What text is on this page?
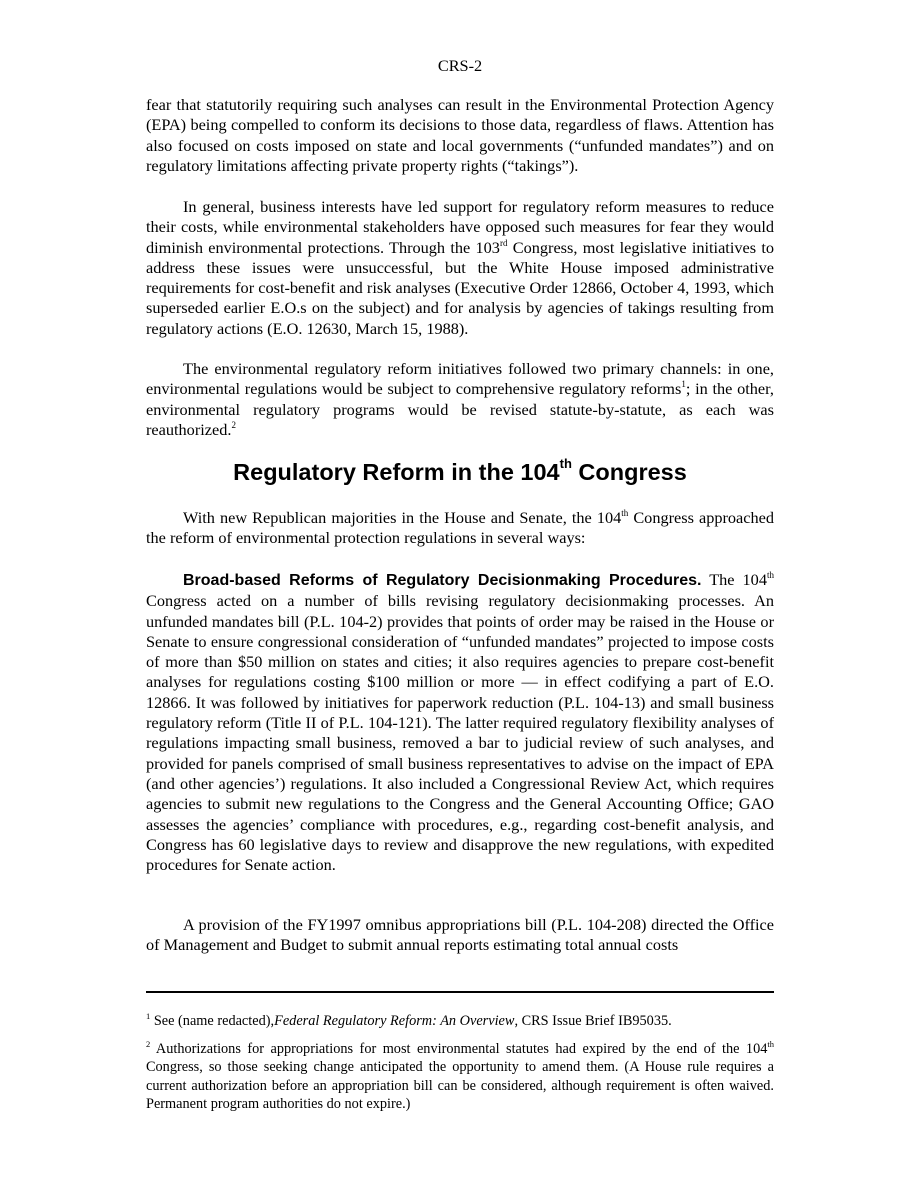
CRS-2

fear that statutorily requiring such analyses can result in the Environmental Protection Agency (EPA) being compelled to conform its decisions to those data, regardless of flaws. Attention has also focused on costs imposed on state and local governments (“unfunded mandates”) and on regulatory limitations affecting private property rights (“takings”).

In general, business interests have led support for regulatory reform measures to reduce their costs, while environmental stakeholders have opposed such measures for fear they would diminish environmental protections. Through the 103rd Congress, most legislative initiatives to address these issues were unsuccessful, but the White House imposed administrative requirements for cost-benefit and risk analyses (Executive Order 12866, October 4, 1993, which superseded earlier E.O.s on the subject) and for analysis by agencies of takings resulting from regulatory actions (E.O. 12630, March 15, 1988).

The environmental regulatory reform initiatives followed two primary channels: in one, environmental regulations would be subject to comprehensive regulatory reforms$^1$; in the other, environmental regulatory programs would be revised statute-by-statute, as each was reauthorized.$^2$

Regulatory Reform in the 104th Congress

With new Republican majorities in the House and Senate, the 104th Congress approached the reform of environmental protection regulations in several ways:

Broad-based Reforms of Regulatory Decisionmaking Procedures. The 104th Congress acted on a number of bills revising regulatory decisionmaking processes. An unfunded mandates bill (P.L. 104-2) provides that points of order may be raised in the House or Senate to ensure congressional consideration of “unfunded mandates” projected to impose costs of more than $50 million on states and cities; it also requires agencies to prepare cost-benefit analyses for regulations costing $100 million or more — in effect codifying a part of E.O. 12866. It was followed by initiatives for paperwork reduction (P.L. 104-13) and small business regulatory reform (Title II of P.L. 104-121). The latter required regulatory flexibility analyses of regulations impacting small business, removed a bar to judicial review of such analyses, and provided for panels comprised of small business representatives to advise on the impact of EPA (and other agencies’) regulations. It also included a Congressional Review Act, which requires agencies to submit new regulations to the Congress and the General Accounting Office; GAO assesses the agencies’ compliance with procedures, e.g., regarding cost-benefit analysis, and Congress has 60 legislative days to review and disapprove the new regulations, with expedited procedures for Senate action.

A provision of the FY1997 omnibus appropriations bill (P.L. 104-208) directed the Office of Management and Budget to submit annual reports estimating total annual costs

$^1$ See (name redacted),Federal Regulatory Reform: An Overview, CRS Issue Brief IB95035.

$^2$ Authorizations for appropriations for most environmental statutes had expired by the end of the 104th Congress, so those seeking change anticipated the opportunity to amend them. (A House rule requires a current authorization before an appropriation bill can be considered, although requirement is often waived. Permanent program authorities do not expire.)
